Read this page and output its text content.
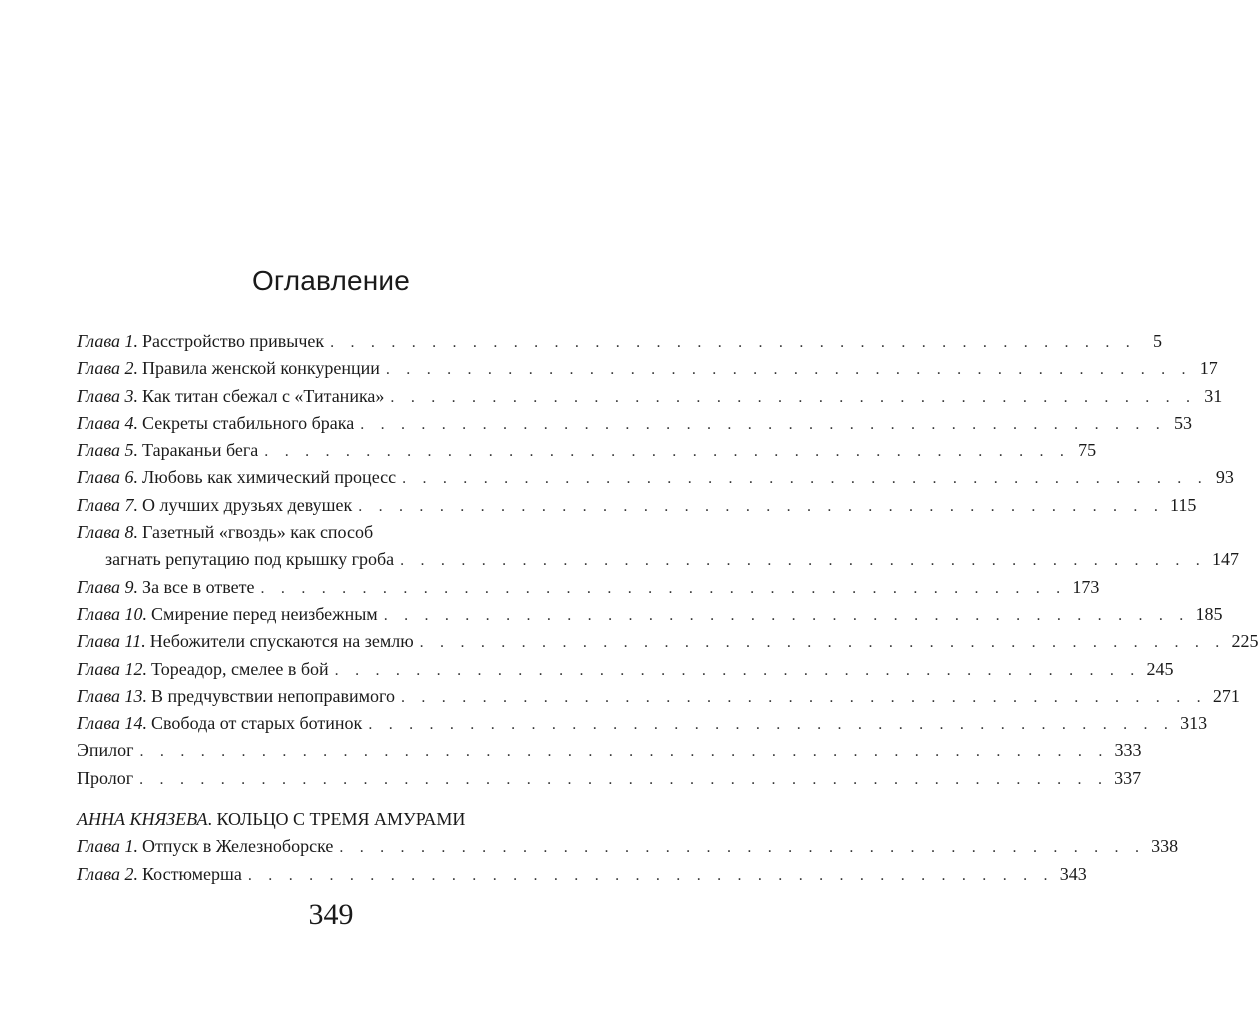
Оглавление
Глава 1. Расстройство привычек . . . . . . . . . . . . . . . . . . . . . . . . . . . . . . . . . . . . . . . . 5
Глава 2. Правила женской конкуренции . . . . . . . . . . . . . . . . . . . . . . . . . . . . . . . . . . . . . . . . 17
Глава 3. Как титан сбежал с «Титаника» . . . . . . . . . . . . . . . . . . . . . . . . . . . . . . . . . . . . . . . . 31
Глава 4. Секреты стабильного брака . . . . . . . . . . . . . . . . . . . . . . . . . . . . . . . . . . . . . . . . 53
Глава 5. Тараканьи бега . . . . . . . . . . . . . . . . . . . . . . . . . . . . . . . . . . . . . . . . 75
Глава 6. Любовь как химический процесс . . . . . . . . . . . . . . . . . . . . . . . . . . . . . . . . . . . . . . . . 93
Глава 7. О лучших друзьях девушек . . . . . . . . . . . . . . . . . . . . . . . . . . . . . . . . . . . . . . . . 115
Глава 8. Газетный «гвоздь» как способ
загнать репутацию под крышку гроба . . . . . . . . . . . . . . . . . . . . . . . . . . . . . . . . . . . . . . . . 147
Глава 9. За все в ответе . . . . . . . . . . . . . . . . . . . . . . . . . . . . . . . . . . . . . . . . 173
Глава 10. Смирение перед неизбежным . . . . . . . . . . . . . . . . . . . . . . . . . . . . . . . . . . . . . . . . 185
Глава 11. Небожители спускаются на землю . . . . . . . . . . . . . . . . . . . . . . . . . . . . . . . . . . . . . . . . 225
Глава 12. Тореадор, смелее в бой . . . . . . . . . . . . . . . . . . . . . . . . . . . . . . . . . . . . . . . . 245
Глава 13. В предчувствии непоправимого . . . . . . . . . . . . . . . . . . . . . . . . . . . . . . . . . . . . . . . . 271
Глава 14. Свобода от старых ботинок . . . . . . . . . . . . . . . . . . . . . . . . . . . . . . . . . . . . . . . . 313
Эпилог . . . . . . . . . . . . . . . . . . . . . . . . . . . . . . . . . . . . . . . . . . . . . . . . 333
Пролог . . . . . . . . . . . . . . . . . . . . . . . . . . . . . . . . . . . . . . . . . . . . . . . . 337
АННА КНЯЗЕВА. КОЛЬЦО С ТРЕМЯ АМУРАМИ
Глава 1. Отпуск в Железноборске . . . . . . . . . . . . . . . . . . . . . . . . . . . . . . . . . . . . . . . . 338
Глава 2. Костюмерша . . . . . . . . . . . . . . . . . . . . . . . . . . . . . . . . . . . . . . . . 343
349
